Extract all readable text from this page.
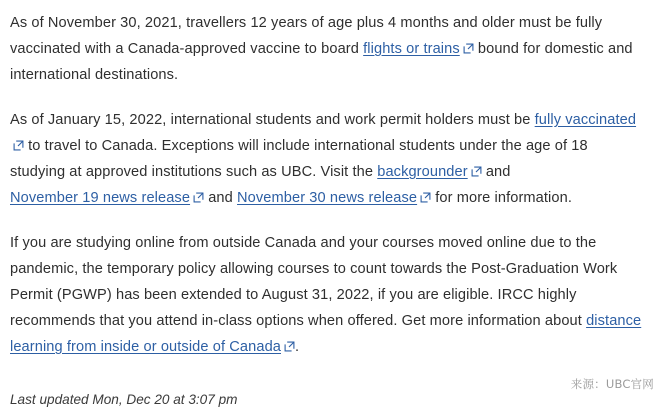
As of November 30, 2021, travellers 12 years of age plus 4 months and older must be fully vaccinated with a Canada-approved vaccine to board flights or trains
bound for domestic and international destinations.

As of January 15, 2022, international students and work permit holders must be fully vaccinated
to travel to Canada. Exceptions will include international students under the age of 18 studying at approved institutions such as UBC. Visit the backgrounder
and November 19 news release
and November 30 news release
for more information.

If you are studying online from outside Canada and your courses moved online due to the pandemic, the temporary policy allowing courses to count towards the Post-Graduation Work Permit (PGWP) has been extended to August 31, 2022, if you are eligible. IRCC highly recommends that you attend in-class options when offered. Get more information about distance learning from inside or outside of Canada .

Last updated Mon, Dec 20 at 3:07 pm

来源：UBC官网
